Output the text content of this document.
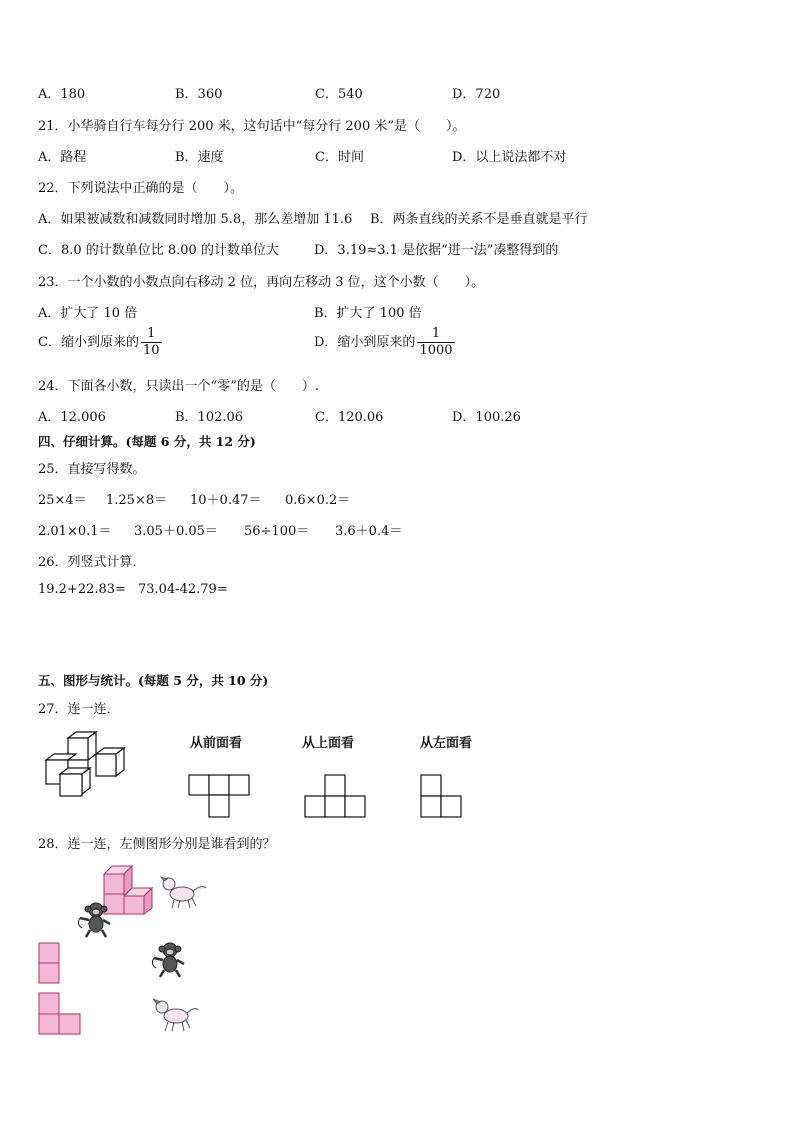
A．180	B．360	C．540	D．720
21．小华骑自行车每分行 200 米，这句话中“每分行 200 米”是（　　）。
A．路程	B．速度	C．时间	D．以上说法都不对
22．下列说法中正确的是（　　）。
A．如果被减数和减数同时增加 5.8，那么差增加 11.6 B．两条直线的关系不是垂直就是平行
C．8.0 的计数单位比 8.00 的计数单位大	D．3.19≈3.1 是依据“进一法”凑整得到的
23．一个小数的小数点向右移动 2 位，再向左移动 3 位，这个小数（　　）。
A．扩大了 10 倍	B．扩大了 100 倍
C．缩小到原来的 $\frac{1}{10}$	D．缩小到原来的 $\frac{1}{1000}$
24．下面各小数，只读出一个“零”的是（　　）.
A．12.006	B．102.06	C．120.06	D．100.26
四、仔细计算。(每题 6 分，共 12 分)
25．直接写得数。
25×4＝ 1.25×8＝ 10＋0.47＝ 0.6×0.2＝
2.01×0.1＝ 3.05＋0.05＝ 56÷100＝ 3.6＋0.4＝
26．列竖式计算．
19.2+22.83= 73.04-42.79=
五、图形与统计。(每题 5 分，共 10 分)
27．连一连．
从前面看	从上面看	从左面看
28．连一连，左侧图形分别是谁看到的？
